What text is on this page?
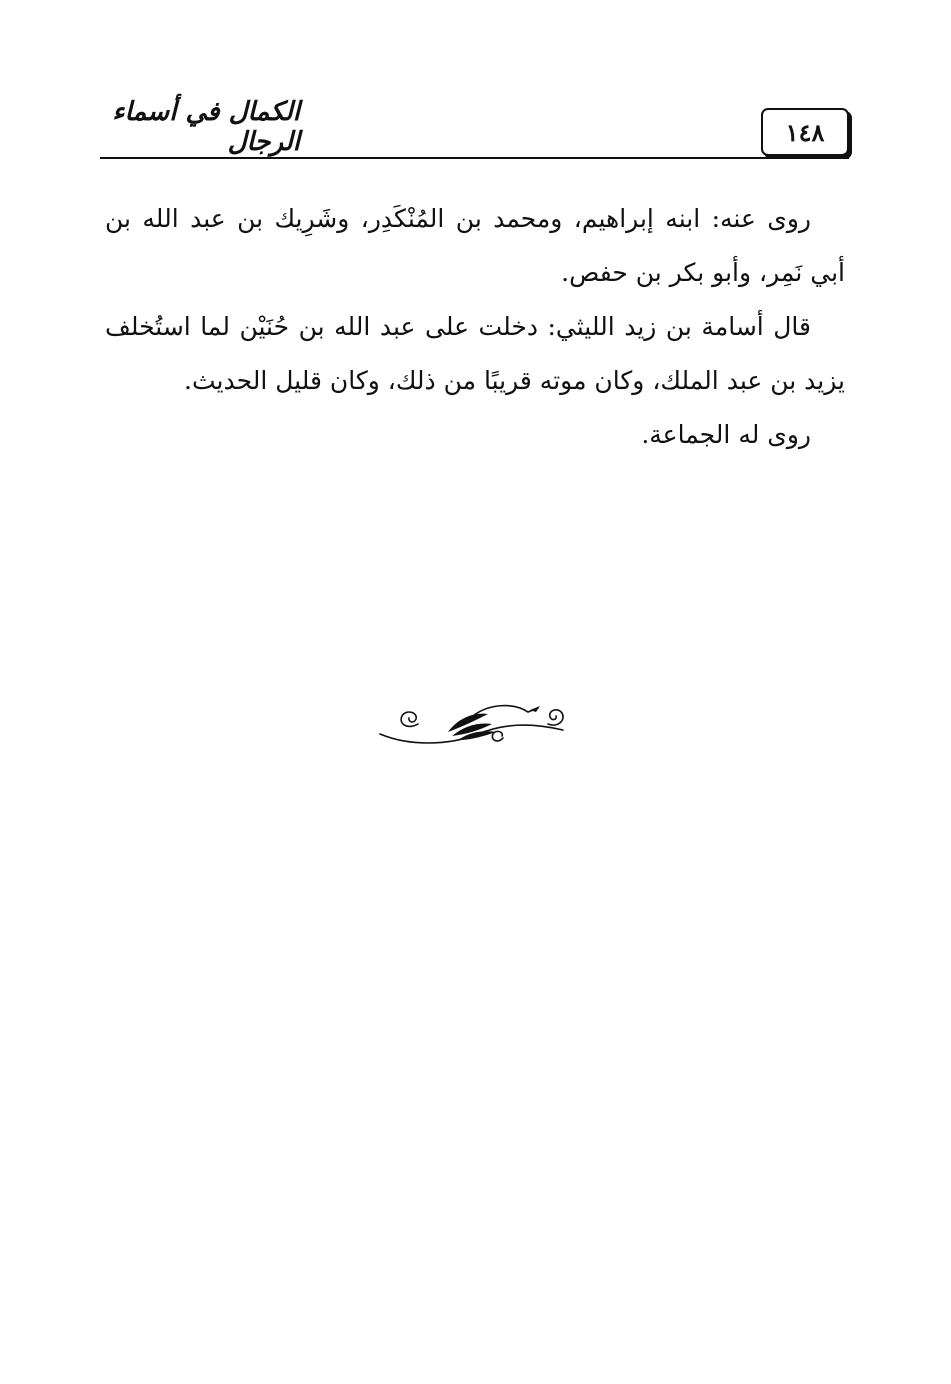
١٤٨
الكمال في أسماء الرجال

روى عنه: ابنه إبراهيم، ومحمد بن المُنْكَدِر، وشَرِيك بن عبد الله بن أبي نَمِر، وأبو بكر بن حفص.

قال أسامة بن زيد الليثي: دخلت على عبد الله بن حُنَيْن لما استُخلف يزيد بن عبد الملك، وكان موته قريبًا من ذلك، وكان قليل الحديث.

روى له الجماعة.
